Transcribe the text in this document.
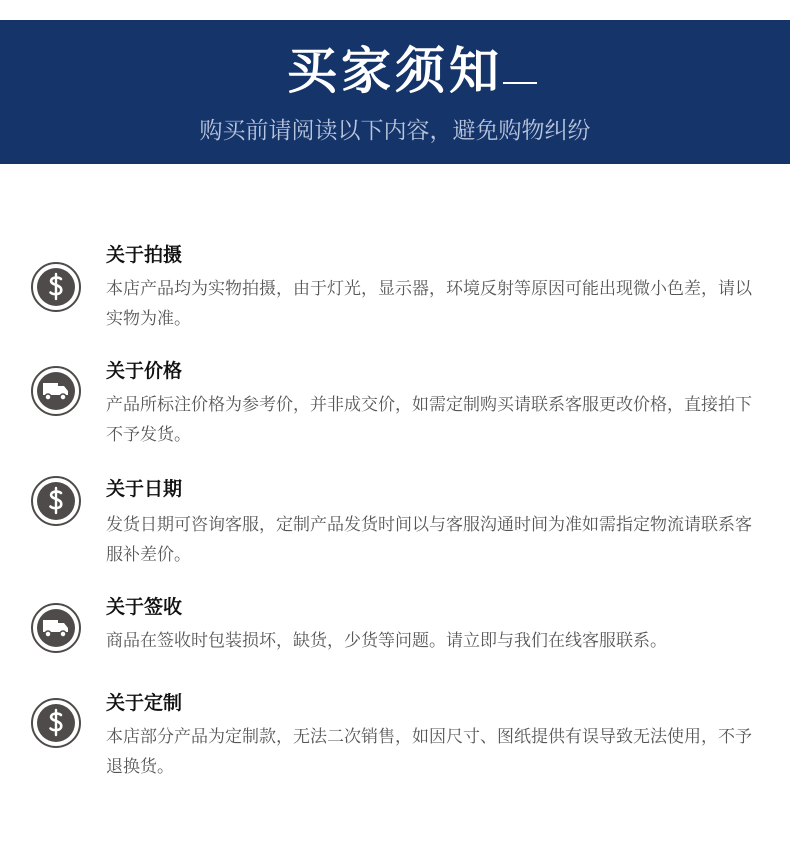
买家须知
购买前请阅读以下内容，避免购物纠纷
关于拍摄
本店产品均为实物拍摄，由于灯光，显示器，环境反射等原因可能出现微小色差，请以实物为准。
关于价格
产品所标注价格为参考价，并非成交价，如需定制购买请联系客服更改价格，直接拍下不予发货。
关于日期
发货日期可咨询客服，定制产品发货时间以与客服沟通时间为准如需指定物流请联系客服补差价。
关于签收
商品在签收时包装损坏，缺货，少货等问题。请立即与我们在线客服联系。
关于定制
本店部分产品为定制款，无法二次销售，如因尺寸、图纸提供有误导致无法使用，不予退换货。
